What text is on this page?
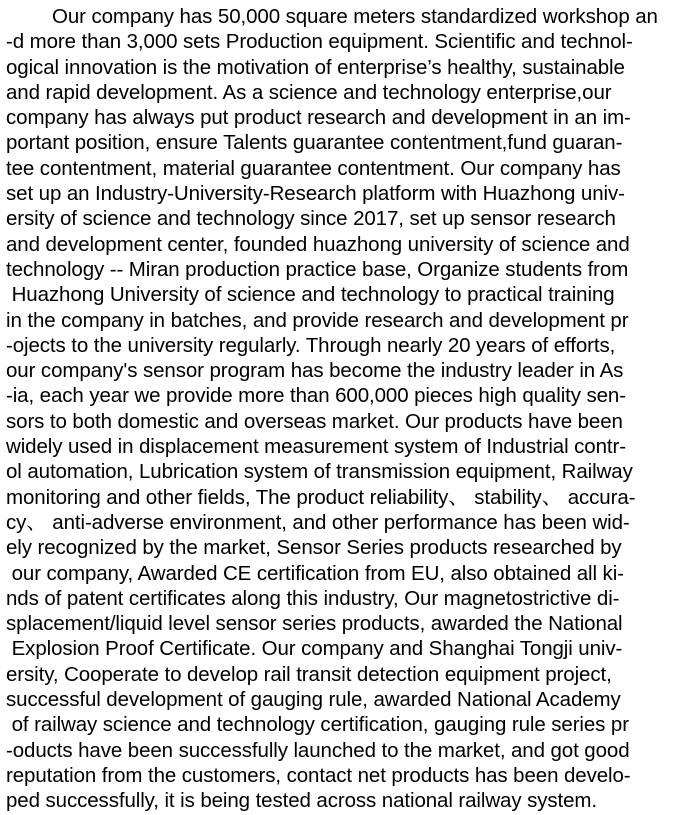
Our company has 50,000 square meters standardized workshop an
-d more than 3,000 sets Production equipment. Scientific and technol-
ogical innovation is the motivation of enterprise’s healthy, sustainable
and rapid development. As a science and technology enterprise,our
company has always put product research and development in an im-
portant position, ensure Talents guarantee contentment,fund guaran-
tee contentment, material guarantee contentment. Our company has
set up an Industry-University-Research platform with Huazhong univ-
ersity of science and technology since 2017, set up sensor research
and development center, founded huazhong university of science and
technology -- Miran production practice base, Organize students from
Huazhong University of science and technology to practical training
in the company in batches, and provide research and development pr
-ojects to the university regularly. Through nearly 20 years of efforts,
our company's sensor program has become the industry leader in As
-ia, each year we provide more than 600,000 pieces high quality sen-
sors to both domestic and overseas market. Our products have been
widely used in displacement measurement system of Industrial contr-
ol automation, Lubrication system of transmission equipment, Railway
monitoring and other fields, The product reliability、 stability、 accura-
cy、 anti-adverse environment, and other performance has been wid-
ely recognized by the market, Sensor Series products researched by
our company, Awarded CE certification from EU, also obtained all ki-
nds of patent certificates along this industry, Our magnetostrictive di-
splacement/liquid level sensor series products, awarded the National
Explosion Proof Certificate. Our company and Shanghai Tongji univ-
ersity, Cooperate to develop rail transit detection equipment project,
successful development of gauging rule, awarded National Academy
of railway science and technology certification, gauging rule series pr
-oducts have been successfully launched to the market, and got good
reputation from the customers, contact net products has been develo-
ped successfully, it is being tested across national railway system.
